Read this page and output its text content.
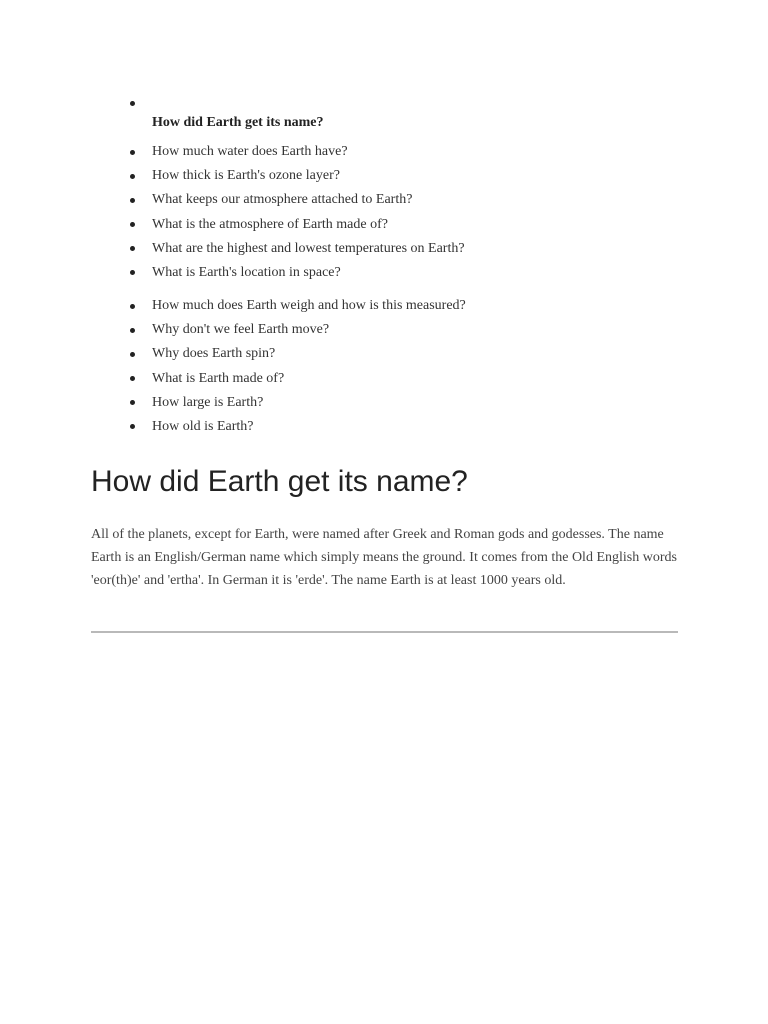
How did Earth get its name?
How much water does Earth have?
How thick is Earth's ozone layer?
What keeps our atmosphere attached to Earth?
What is the atmosphere of Earth made of?
What are the highest and lowest temperatures on Earth?
What is Earth's location in space?
How much does Earth weigh and how is this measured?
Why don't we feel Earth move?
Why does Earth spin?
What is Earth made of?
How large is Earth?
How old is Earth?
How did Earth get its name?

All of the planets, except for Earth, were named after Greek and Roman gods and godesses. The name Earth is an English/German name which simply means the ground. It comes from the Old English words 'eor(th)e' and 'ertha'. In German it is 'erde'. The name Earth is at least 1000 years old.
